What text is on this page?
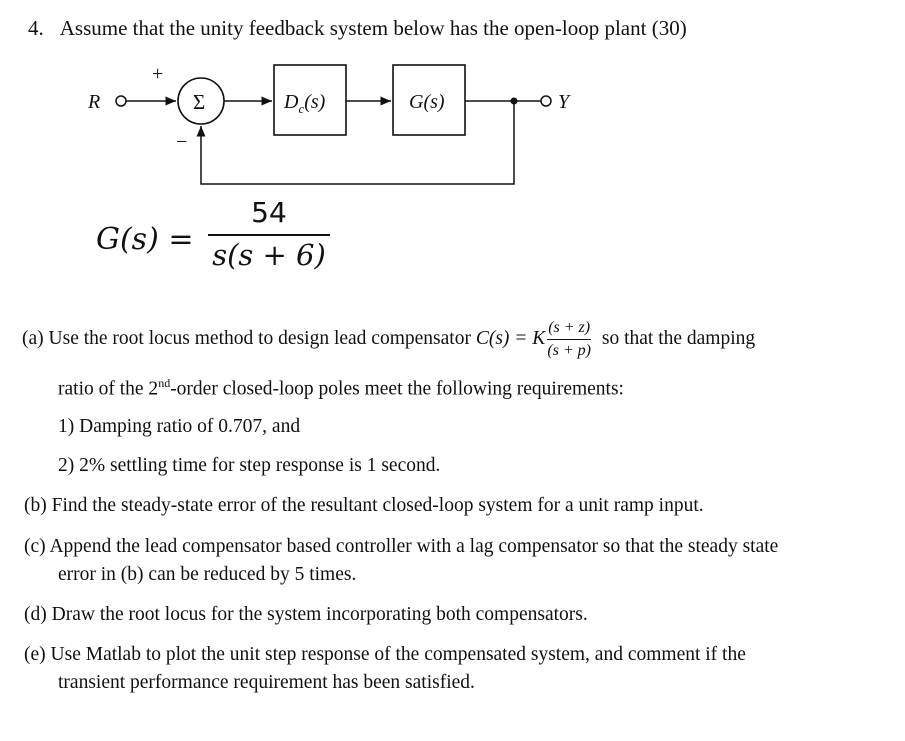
4. Assume that the unity feedback system below has the open-loop plant (30)
R
+
Σ
−
$D_c(s)$	G(s)	Y
G(s) =
54
s(s + 6)
(a) Use the root locus method to design lead compensator C(s) = K $\frac{(s + z)}{(s + p)}$ so that the damping
ratio of the 2nd-order closed-loop poles meet the following requirements:
1) Damping ratio of 0.707, and
2) 2% settling time for step response is 1 second.
(b) Find the steady-state error of the resultant closed-loop system for a unit ramp input.
(c) Append the lead compensator based controller with a lag compensator so that the steady state
error in (b) can be reduced by 5 times.
(d) Draw the root locus for the system incorporating both compensators.
(e) Use Matlab to plot the unit step response of the compensated system, and comment if the
transient performance requirement has been satisfied.
